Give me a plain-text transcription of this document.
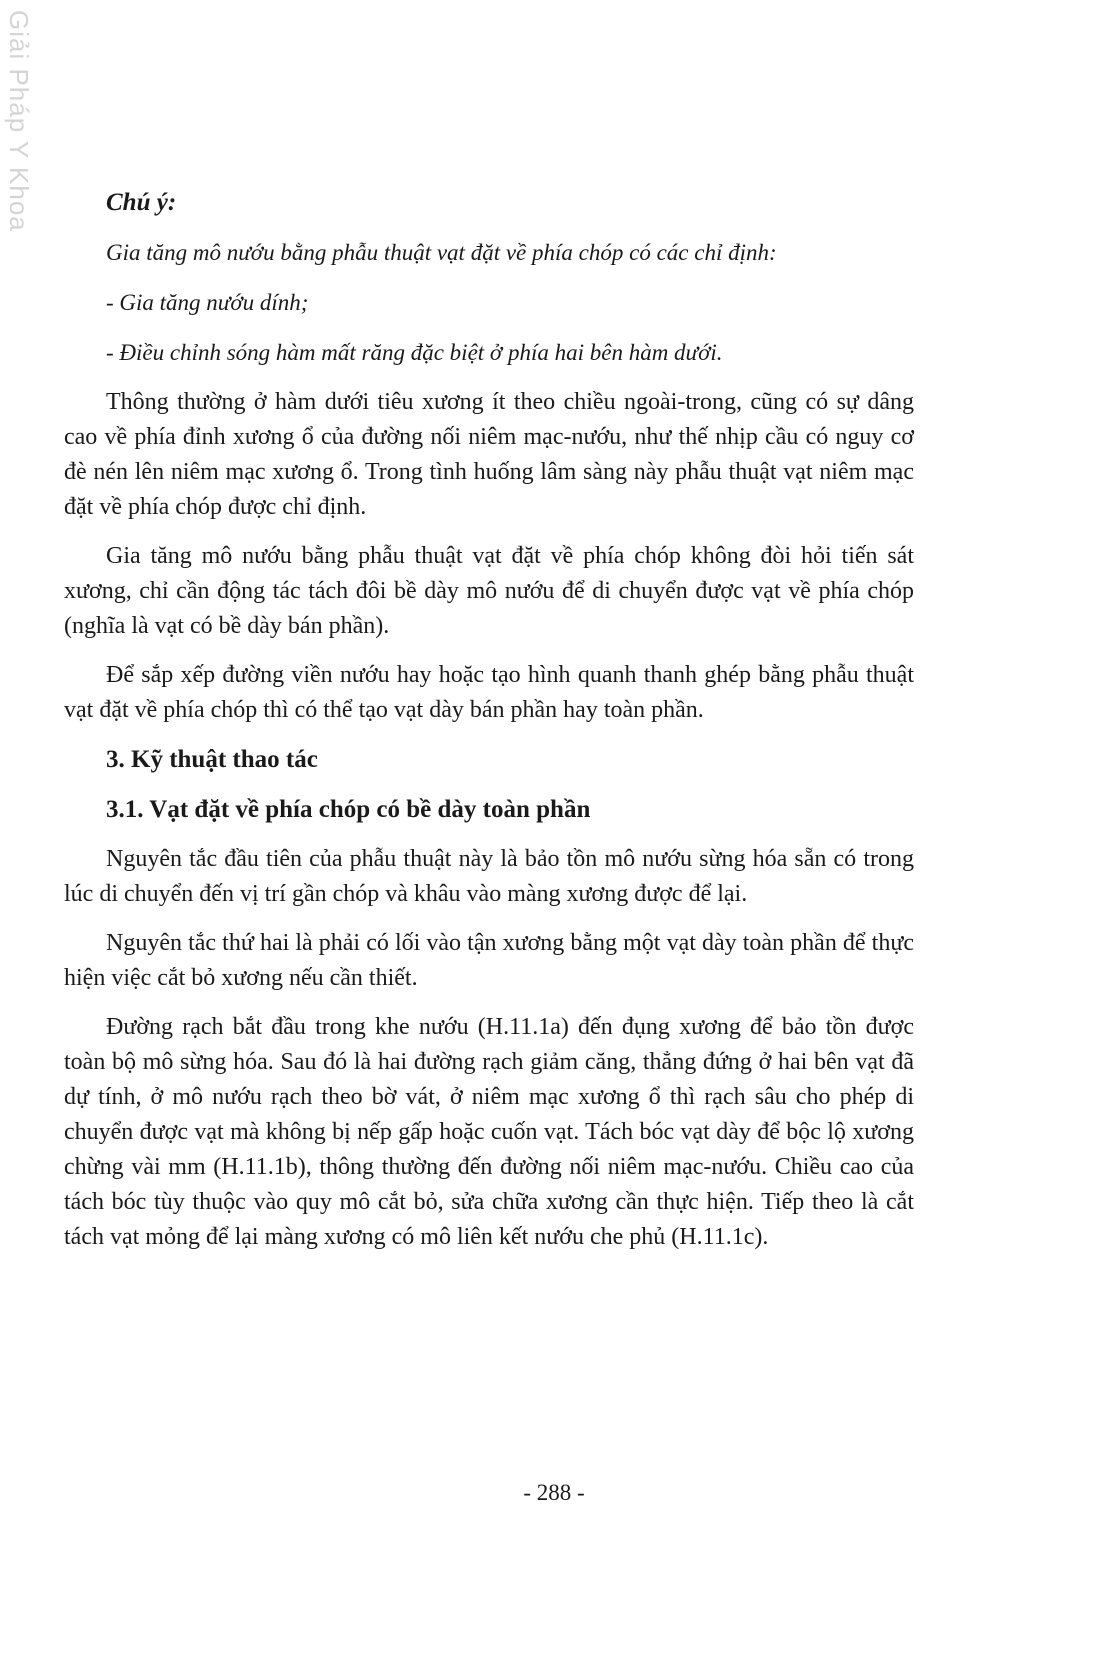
Giải Pháp Y Khoa	Chú ý:

Gia tăng mô nướu bằng phẫu thuật vạt đặt về phía chóp có các chỉ định:

- Gia tăng nướu dính;

- Điều chỉnh sóng hàm mất răng đặc biệt ở phía hai bên hàm dưới.

Thông thường ở hàm dưới tiêu xương ít theo chiều ngoài-trong, cũng có sự dâng cao về phía đỉnh xương ổ của đường nối niêm mạc-nướu, như thế nhịp cầu có nguy cơ đè nén lên niêm mạc xương ổ. Trong tình huống lâm sàng này phẫu thuật vạt niêm mạc đặt về phía chóp được chỉ định.

Gia tăng mô nướu bằng phẫu thuật vạt đặt về phía chóp không đòi hỏi tiến sát xương, chỉ cần động tác tách đôi bề dày mô nướu để di chuyển được vạt về phía chóp (nghĩa là vạt có bề dày bán phần).

Để sắp xếp đường viền nướu hay hoặc tạo hình quanh thanh ghép bằng phẫu thuật vạt đặt về phía chóp thì có thể tạo vạt dày bán phần hay toàn phần.

3. Kỹ thuật thao tác

3.1. Vạt đặt về phía chóp có bề dày toàn phần

Nguyên tắc đầu tiên của phẫu thuật này là bảo tồn mô nướu sừng hóa sẵn có trong lúc di chuyển đến vị trí gần chóp và khâu vào màng xương được để lại.

Nguyên tắc thứ hai là phải có lối vào tận xương bằng một vạt dày toàn phần để thực hiện việc cắt bỏ xương nếu cần thiết.

Đường rạch bắt đầu trong khe nướu (H.11.1a) đến đụng xương để bảo tồn được toàn bộ mô sừng hóa. Sau đó là hai đường rạch giảm căng, thẳng đứng ở hai bên vạt đã dự tính, ở mô nướu rạch theo bờ vát, ở niêm mạc xương ổ thì rạch sâu cho phép di chuyển được vạt mà không bị nếp gấp hoặc cuốn vạt. Tách bóc vạt dày để bộc lộ xương chừng vài mm (H.11.1b), thông thường đến đường nối niêm mạc-nướu. Chiều cao của tách bóc tùy thuộc vào quy mô cắt bỏ, sửa chữa xương cần thực hiện. Tiếp theo là cắt tách vạt mỏng để lại màng xương có mô liên kết nướu che phủ (H.11.1c).

- 288 -
